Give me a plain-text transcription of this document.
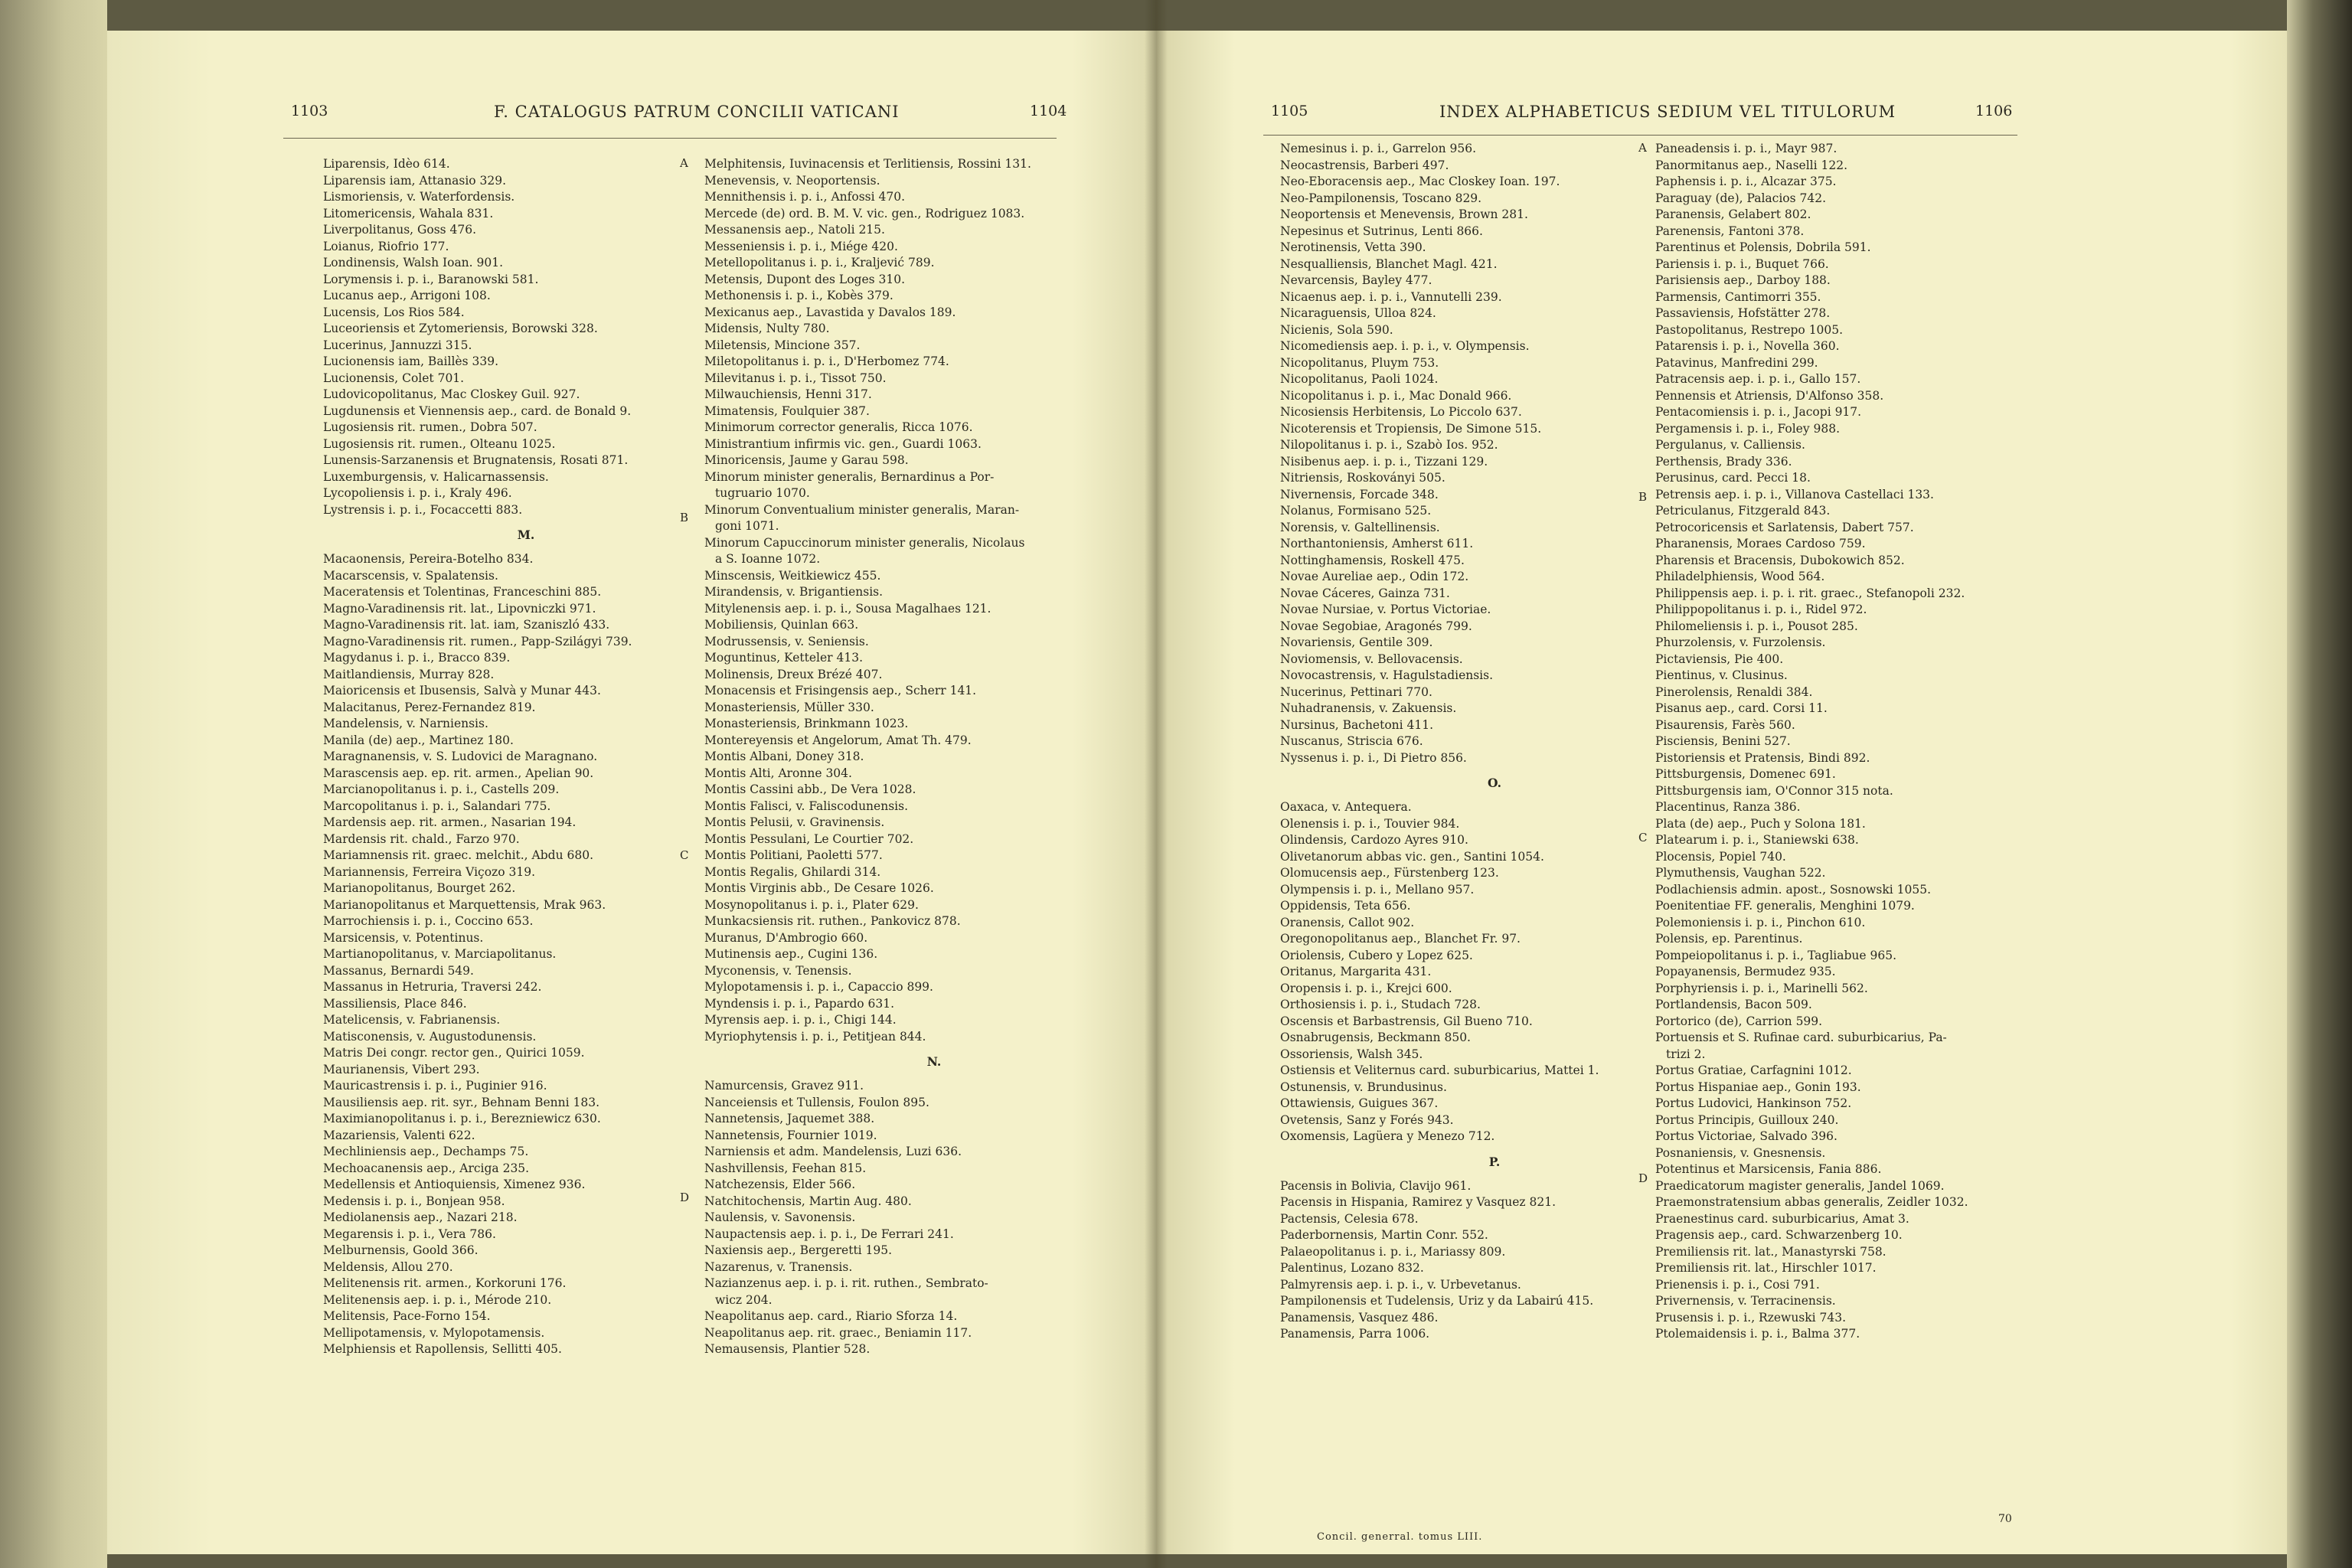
1103	F. CATALOGUS PATRUM CONCILII VATICANI	1104
Liparensis, Idèo 614.
Liparensis iam, Attanasio 329.
Lismoriensis, v. Waterfordensis.
Litomericensis, Wahala 831.
Liverpolitanus, Goss 476.
Loianus, Riofrio 177.
Londinensis, Walsh Ioan. 901.
Lorymensis i. p. i., Baranowski 581.
Lucanus aep., Arrigoni 108.
Lucensis, Los Rios 584.
Luceoriensis et Zytomeriensis, Borowski 328.
Lucerinus, Jannuzzi 315.
Lucionensis iam, Baillès 339.
Lucionensis, Colet 701.
Ludovicopolitanus, Mac Closkey Guil. 927.
Lugdunensis et Viennensis aep., card. de Bonald 9.
Lugosiensis rit. rumen., Dobra 507.
Lugosiensis rit. rumen., Olteanu 1025.
Lunensis-Sarzanensis et Brugnatensis, Rosati 871.
Luxemburgensis, v. Halicarnassensis.
Lycopoliensis i. p. i., Kraly 496.
Lystrensis i. p. i., Focaccetti 883.
M.
Macaonensis, Pereira-Botelho 834.
Macarscensis, v. Spalatensis.
Maceratensis et Tolentinas, Franceschini 885.
Magno-Varadinensis rit. lat., Lipovniczki 971.
Magno-Varadinensis rit. lat. iam, Szaniszló 433.
Magno-Varadinensis rit. rumen., Papp-Szilágyi 739.
Magydanus i. p. i., Bracco 839.
Maitlandiensis, Murray 828.
Maioricensis et Ibusensis, Salvà y Munar 443.
Malacitanus, Perez-Fernandez 819.
Mandelensis, v. Narniensis.
Manila (de) aep., Martinez 180.
Maragnanensis, v. S. Ludovici de Maragnano.
Marascensis aep. ep. rit. armen., Apelian 90.
Marcianopolitanus i. p. i., Castells 209.
Marcopolitanus i. p. i., Salandari 775.
Mardensis aep. rit. armen., Nasarian 194.
Mardensis rit. chald., Farzo 970.
Mariamnensis rit. graec. melchit., Abdu 680.
Mariannensis, Ferreira Viçozo 319.
Marianopolitanus, Bourget 262.
Marianopolitanus et Marquettensis, Mrak 963.
Marrochiensis i. p. i., Coccino 653.
Marsicensis, v. Potentinus.
Martianopolitanus, v. Marciapolitanus.
Massanus, Bernardi 549.
Massanus in Hetruria, Traversi 242.
Massiliensis, Place 846.
Matelicensis, v. Fabrianensis.
Matisconensis, v. Augustodunensis.
Matris Dei congr. rector gen., Quirici 1059.
Maurianensis, Vibert 293.
Mauricastrensis i. p. i., Puginier 916.
Mausiliensis aep. rit. syr., Behnam Benni 183.
Maximianopolitanus i. p. i., Berezniewicz 630.
Mazariensis, Valenti 622.
Mechliniensis aep., Dechamps 75.
Mechoacanensis aep., Arciga 235.
Medellensis et Antioquiensis, Ximenez 936.
Medensis i. p. i., Bonjean 958.
Mediolanensis aep., Nazari 218.
Megarensis i. p. i., Vera 786.
Melburnensis, Goold 366.
Meldensis, Allou 270.
Melitenensis rit. armen., Korkoruni 176.
Melitenensis aep. i. p. i., Mérode 210.
Melitensis, Pace-Forno 154.
Mellipotamensis, v. Mylopotamensis.
Melphiensis et Rapollensis, Sellitti 405.
Melphitensis, Iuvinacensis et Terlitiensis, Rossini 131.
Menevensis, v. Neoportensis.
Mennithensis i. p. i., Anfossi 470.
Mercede (de) ord. B. M. V. vic. gen., Rodriguez 1083.
Messanensis aep., Natoli 215.
Messeniensis i. p. i., Miége 420.
Metellopolitanus i. p. i., Kraljević 789.
Metensis, Dupont des Loges 310.
Methonensis i. p. i., Kobès 379.
Mexicanus aep., Lavastida y Davalos 189.
Midensis, Nulty 780.
Miletensis, Mincione 357.
Miletopolitanus i. p. i., D'Herbomez 774.
Milevitanus i. p. i., Tissot 750.
Milwauchiensis, Henni 317.
Mimatensis, Foulquier 387.
Minimorum corrector generalis, Ricca 1076.
Ministrantium infirmis vic. gen., Guardi 1063.
Minoricensis, Jaume y Garau 598.
Minorum minister generalis, Bernardinus a Por-
tugruario 1070.
Minorum Conventualium minister generalis, Maran-
goni 1071.
Minorum Capuccinorum minister generalis, Nicolaus
a S. Ioanne 1072.
Minscensis, Weitkiewicz 455.
Mirandensis, v. Brigantiensis.
Mitylenensis aep. i. p. i., Sousa Magalhaes 121.
Mobiliensis, Quinlan 663.
Modrussensis, v. Seniensis.
Moguntinus, Ketteler 413.
Molinensis, Dreux Brézé 407.
Monacensis et Frisingensis aep., Scherr 141.
Monasteriensis, Müller 330.
Monasteriensis, Brinkmann 1023.
Montereyensis et Angelorum, Amat Th. 479.
Montis Albani, Doney 318.
Montis Alti, Aronne 304.
Montis Cassini abb., De Vera 1028.
Montis Falisci, v. Faliscodunensis.
Montis Pelusii, v. Gravinensis.
Montis Pessulani, Le Courtier 702.
Montis Politiani, Paoletti 577.
Montis Regalis, Ghilardi 314.
Montis Virginis abb., De Cesare 1026.
Mosynopolitanus i. p. i., Plater 629.
Munkacsiensis rit. ruthen., Pankovicz 878.
Muranus, D'Ambrogio 660.
Mutinensis aep., Cugini 136.
Myconensis, v. Tenensis.
Mylopotamensis i. p. i., Capaccio 899.
Myndensis i. p. i., Papardo 631.
Myrensis aep. i. p. i., Chigi 144.
Myriophytensis i. p. i., Petitjean 844.
N.
Namurcensis, Gravez 911.
Nanceiensis et Tullensis, Foulon 895.
Nannetensis, Jaquemet 388.
Nannetensis, Fournier 1019.
Narniensis et adm. Mandelensis, Luzi 636.
Nashvillensis, Feehan 815.
Natchezensis, Elder 566.
Natchitochensis, Martin Aug. 480.
Naulensis, v. Savonensis.
Naupactensis aep. i. p. i., De Ferrari 241.
Naxiensis aep., Bergeretti 195.
Nazarenus, v. Tranensis.
Nazianzenus aep. i. p. i. rit. ruthen., Sembrato-
wicz 204.
Neapolitanus aep. card., Riario Sforza 14.
Neapolitanus aep. rit. graec., Beniamin 117.
Nemausensis, Plantier 528.
A
B
C
D
1105	INDEX ALPHABETICUS SEDIUM VEL TITULORUM	1106
Nemesinus i. p. i., Garrelon 956.
Neocastrensis, Barberi 497.
Neo-Eboracensis aep., Mac Closkey Ioan. 197.
Neo-Pampilonensis, Toscano 829.
Neoportensis et Menevensis, Brown 281.
Nepesinus et Sutrinus, Lenti 866.
Nerotinensis, Vetta 390.
Nesqualliensis, Blanchet Magl. 421.
Nevarcensis, Bayley 477.
Nicaenus aep. i. p. i., Vannutelli 239.
Nicaraguensis, Ulloa 824.
Nicienis, Sola 590.
Nicomediensis aep. i. p. i., v. Olympensis.
Nicopolitanus, Pluym 753.
Nicopolitanus, Paoli 1024.
Nicopolitanus i. p. i., Mac Donald 966.
Nicosiensis Herbitensis, Lo Piccolo 637.
Nicoterensis et Tropiensis, De Simone 515.
Nilopolitanus i. p. i., Szabò Ios. 952.
Nisibenus aep. i. p. i., Tizzani 129.
Nitriensis, Roskoványi 505.
Nivernensis, Forcade 348.
Nolanus, Formisano 525.
Norensis, v. Galtellinensis.
Northantoniensis, Amherst 611.
Nottinghamensis, Roskell 475.
Novae Aureliae aep., Odin 172.
Novae Cáceres, Gainza 731.
Novae Nursiae, v. Portus Victoriae.
Novae Segobiae, Aragonés 799.
Novariensis, Gentile 309.
Noviomensis, v. Bellovacensis.
Novocastrensis, v. Hagulstadiensis.
Nucerinus, Pettinari 770.
Nuhadranensis, v. Zakuensis.
Nursinus, Bachetoni 411.
Nuscanus, Striscia 676.
Nyssenus i. p. i., Di Pietro 856.
O.
Oaxaca, v. Antequera.
Olenensis i. p. i., Touvier 984.
Olindensis, Cardozo Ayres 910.
Olivetanorum abbas vic. gen., Santini 1054.
Olomucensis aep., Fürstenberg 123.
Olympensis i. p. i., Mellano 957.
Oppidensis, Teta 656.
Oranensis, Callot 902.
Oregonopolitanus aep., Blanchet Fr. 97.
Oriolensis, Cubero y Lopez 625.
Oritanus, Margarita 431.
Oropensis i. p. i., Krejci 600.
Orthosiensis i. p. i., Studach 728.
Oscensis et Barbastrensis, Gil Bueno 710.
Osnabrugensis, Beckmann 850.
Ossoriensis, Walsh 345.
Ostiensis et Veliternus card. suburbicarius, Mattei 1.
Ostunensis, v. Brundusinus.
Ottawiensis, Guigues 367.
Ovetensis, Sanz y Forés 943.
Oxomensis, Lagüera y Menezo 712.
P.
Pacensis in Bolivia, Clavijo 961.
Pacensis in Hispania, Ramirez y Vasquez 821.
Pactensis, Celesia 678.
Paderbornensis, Martin Conr. 552.
Palaeopolitanus i. p. i., Mariassy 809.
Palentinus, Lozano 832.
Palmyrensis aep. i. p. i., v. Urbevetanus.
Pampilonensis et Tudelensis, Uriz y da Labairú 415.
Panamensis, Vasquez 486.
Panamensis, Parra 1006.
Paneadensis i. p. i., Mayr 987.
Panormitanus aep., Naselli 122.
Paphensis i. p. i., Alcazar 375.
Paraguay (de), Palacios 742.
Paranensis, Gelabert 802.
Parenensis, Fantoni 378.
Parentinus et Polensis, Dobrila 591.
Pariensis i. p. i., Buquet 766.
Parisiensis aep., Darboy 188.
Parmensis, Cantimorri 355.
Passaviensis, Hofstätter 278.
Pastopolitanus, Restrepo 1005.
Patarensis i. p. i., Novella 360.
Patavinus, Manfredini 299.
Patracensis aep. i. p. i., Gallo 157.
Pennensis et Atriensis, D'Alfonso 358.
Pentacomiensis i. p. i., Jacopi 917.
Pergamensis i. p. i., Foley 988.
Pergulanus, v. Calliensis.
Perthensis, Brady 336.
Perusinus, card. Pecci 18.
Petrensis aep. i. p. i., Villanova Castellaci 133.
Petriculanus, Fitzgerald 843.
Petrocoricensis et Sarlatensis, Dabert 757.
Pharanensis, Moraes Cardoso 759.
Pharensis et Bracensis, Dubokowich 852.
Philadelphiensis, Wood 564.
Philippensis aep. i. p. i. rit. graec., Stefanopoli 232.
Philippopolitanus i. p. i., Ridel 972.
Philomeliensis i. p. i., Pousot 285.
Phurzolensis, v. Furzolensis.
Pictaviensis, Pie 400.
Pientinus, v. Clusinus.
Pinerolensis, Renaldi 384.
Pisanus aep., card. Corsi 11.
Pisaurensis, Farès 560.
Pisciensis, Benini 527.
Pistoriensis et Pratensis, Bindi 892.
Pittsburgensis, Domenec 691.
Pittsburgensis iam, O'Connor 315 nota.
Placentinus, Ranza 386.
Plata (de) aep., Puch y Solona 181.
Platearum i. p. i., Staniewski 638.
Plocensis, Popiel 740.
Plymuthensis, Vaughan 522.
Podlachiensis admin. apost., Sosnowski 1055.
Poenitentiae FF. generalis, Menghini 1079.
Polemoniensis i. p. i., Pinchon 610.
Polensis, ep. Parentinus.
Pompeiopolitanus i. p. i., Tagliabue 965.
Popayanensis, Bermudez 935.
Porphyriensis i. p. i., Marinelli 562.
Portlandensis, Bacon 509.
Portorico (de), Carrion 599.
Portuensis et S. Rufinae card. suburbicarius, Pa-
trizi 2.
Portus Gratiae, Carfagnini 1012.
Portus Hispaniae aep., Gonin 193.
Portus Ludovici, Hankinson 752.
Portus Principis, Guilloux 240.
Portus Victoriae, Salvado 396.
Posnaniensis, v. Gnesnensis.
Potentinus et Marsicensis, Fania 886.
Praedicatorum magister generalis, Jandel 1069.
Praemonstratensium abbas generalis, Zeidler 1032.
Praenestinus card. suburbicarius, Amat 3.
Pragensis aep., card. Schwarzenberg 10.
Premiliensis rit. lat., Manastyrski 758.
Premiliensis rit. lat., Hirschler 1017.
Prienensis i. p. i., Cosi 791.
Privernensis, v. Terracinensis.
Prusensis i. p. i., Rzewuski 743.
Ptolemaidensis i. p. i., Balma 377.
A
B
C
D
Concil. generral. tomus LIII.
70
